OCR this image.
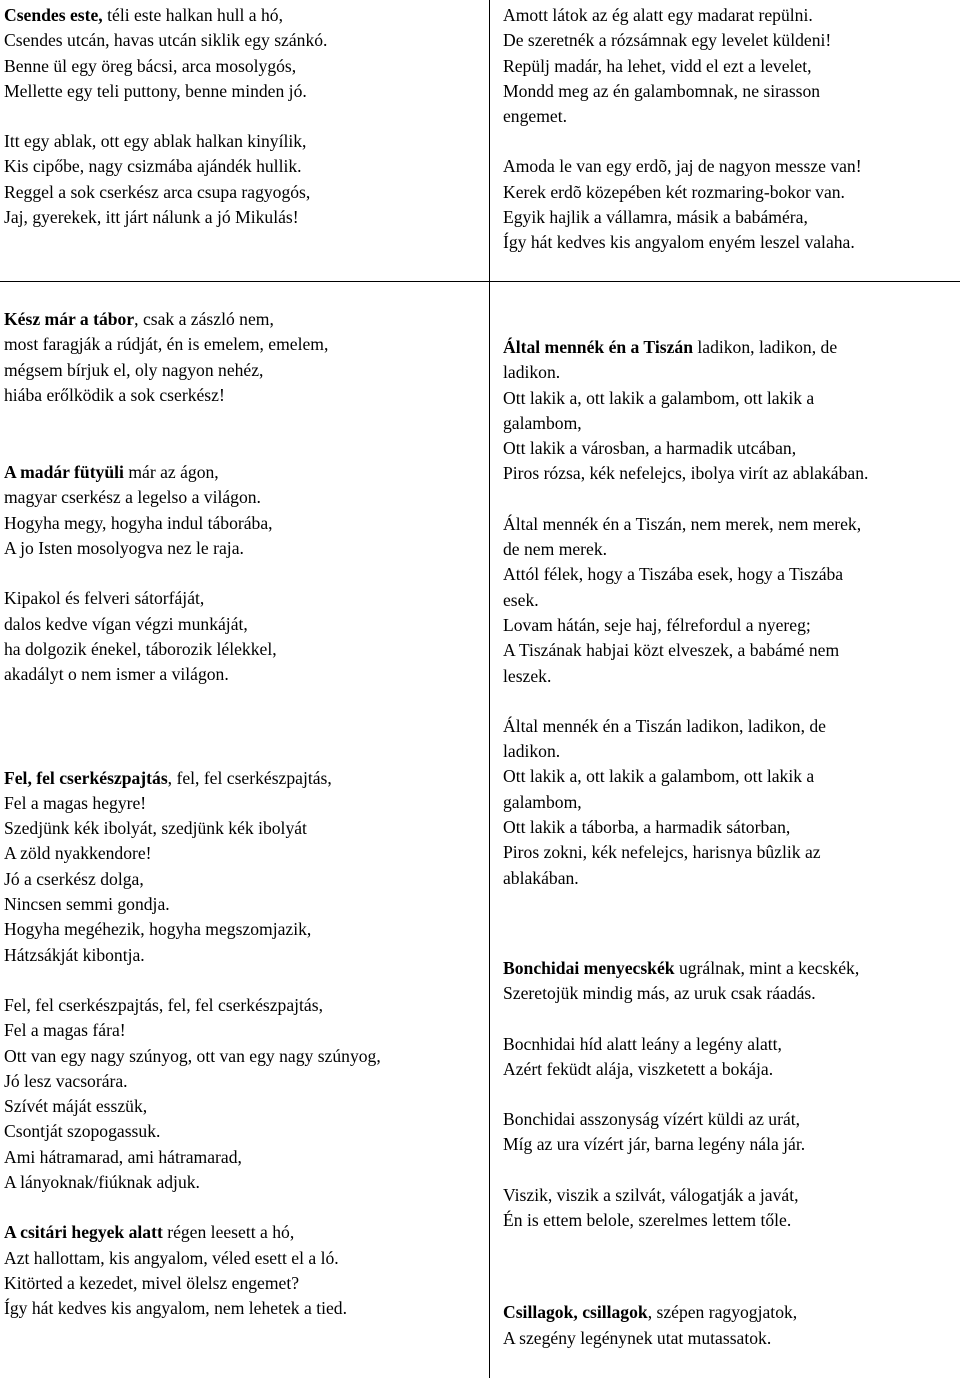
Csendes este, téli este halkan hull a hó,
Csendes utcán, havas utcán siklik egy szánkó.
Benne ül egy öreg bácsi, arca mosolygós,
Mellette egy teli puttony, benne minden jó.
Itt egy ablak, ott egy ablak halkan kinyílik,
Kis cipőbe, nagy csizmába ajándék hullik.
Reggel a sok cserkész arca csupa ragyogós,
Jaj, gyerekek, itt járt nálunk a jó Mikulás!
Amott látok az ég alatt egy madarat repülni.
De szeretnék a rózsámnak egy levelet küldeni!
Repülj madár, ha lehet, vidd el ezt a levelet,
Mondd meg az én galambomnak, ne sirasson
engemet.
Amoda le van egy erdõ, jaj de nagyon messze van!
Kerek erdõ közepében két rozmaring-bokor van.
Egyik hajlik a vállamra, másik a babáméra,
Így hát kedves kis angyalom enyém leszel valaha.
Kész már a tábor, csak a zászló nem,
most faragják a rúdját, én is emelem, emelem,
mégsem bírjuk el, oly nagyon nehéz,
hiába erőlködik a sok cserkész!
A madár fütyüli már az ágon,
magyar cserkész a legelso a világon.
Hogyha megy, hogyha indul táborába,
A jo Isten mosolyogva nez le raja.
Kipakol és felveri sátorfáját,
dalos kedve vígan végzi munkáját,
ha dolgozik énekel, táborozik lélekkel,
akadályt o nem ismer a világon.
Fel, fel cserkészpajtás, fel, fel cserkészpajtás,
Fel a magas hegyre!
Szedjünk kék ibolyát, szedjünk kék ibolyát
A zöld nyakkendore!
Jó a cserkész dolga,
Nincsen semmi gondja.
Hogyha megéhezik, hogyha megszomjazik,
Hátzsákját kibontja.
Fel, fel cserkészpajtás, fel, fel cserkészpajtás,
Fel a magas fára!
Ott van egy nagy szúnyog, ott van egy nagy szúnyog,
Jó lesz vacsorára.
Szívét máját esszük,
Csontját szopogassuk.
Ami hátramarad, ami hátramarad,
A lányoknak/fiúknak adjuk.
A csitári hegyek alatt régen leesett a hó,
Azt hallottam, kis angyalom, véled esett el a ló.
Kitörted a kezedet, mivel ölelsz engemet?
Így hát kedves kis angyalom, nem lehetek a tied.
Által mennék én a Tiszán ladikon, ladikon, de
ladikon.
Ott lakik a, ott lakik a galambom, ott lakik a
galambom,
Ott lakik a városban, a harmadik utcában,
Piros rózsa, kék nefelejcs, ibolya virít az ablakában.
Által mennék én a Tiszán, nem merek, nem merek,
de nem merek.
Attól félek, hogy a Tiszába esek, hogy a Tiszába
esek.
Lovam hátán, seje haj, félrefordul a nyereg;
A Tiszának habjai közt elveszek, a babámé nem
leszek.
Által mennék én a Tiszán ladikon, ladikon, de
ladikon.
Ott lakik a, ott lakik a galambom, ott lakik a
galambom,
Ott lakik a táborba, a harmadik sátorban,
Piros zokni, kék nefelejcs, harisnya bûzlik az
ablakában.
Bonchidai menyecskék ugrálnak, mint a kecskék,
Szeretojük mindig más, az uruk csak ráadás.
Bocnhidai híd alatt leány a legény alatt,
Azért feküdt alája, viszketett a bokája.
Bonchidai asszonyság vízért küldi az urát,
Míg az ura vízért jár, barna legény nála jár.
Viszik, viszik a szilvát, válogatják a javát,
Én is ettem belole, szerelmes lettem tőle.
Csillagok, csillagok, szépen ragyogjatok,
A szegény legénynek utat mutassatok.
